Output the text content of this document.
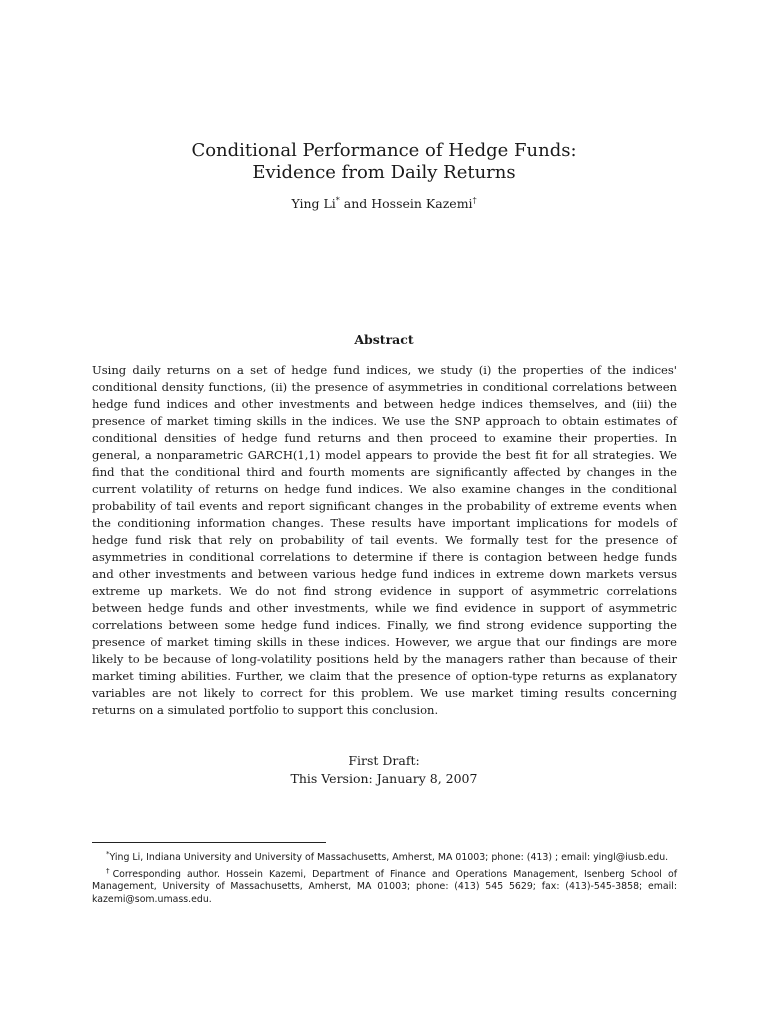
Conditional Performance of Hedge Funds:
Evidence from Daily Returns
Ying Li* and Hossein Kazemi†
Abstract

Using daily returns on a set of hedge fund indices, we study (i) the properties of the indices' conditional density functions, (ii) the presence of asymmetries in conditional correlations between hedge fund indices and other investments and between hedge indices themselves, and (iii) the presence of market timing skills in the indices. We use the SNP approach to obtain estimates of conditional densities of hedge fund returns and then proceed to examine their properties. In general, a nonparametric GARCH(1,1) model appears to provide the best fit for all strategies. We find that the conditional third and fourth moments are significantly affected by changes in the current volatility of returns on hedge fund indices. We also examine changes in the conditional probability of tail events and report significant changes in the probability of extreme events when the conditioning information changes. These results have important implications for models of hedge fund risk that rely on probability of tail events. We formally test for the presence of asymmetries in conditional correlations to determine if there is contagion between hedge funds and other investments and between various hedge fund indices in extreme down markets versus extreme up markets. We do not find strong evidence in support of asymmetric correlations between hedge funds and other investments, while we find evidence in support of asymmetric correlations between some hedge fund indices. Finally, we find strong evidence supporting the presence of market timing skills in these indices. However, we argue that our findings are more likely to be because of long-volatility positions held by the managers rather than because of their market timing abilities. Further, we claim that the presence of option-type returns as explanatory variables are not likely to correct for this problem. We use market timing results concerning returns on a simulated portfolio to support this conclusion.

First Draft:
This Version: January 8, 2007

*Ying Li, Indiana University and University of Massachusetts, Amherst, MA 01003; phone: (413) ; email: yingl@iusb.edu.

†Corresponding author. Hossein Kazemi, Department of Finance and Operations Management, Isenberg School of Management, University of Massachusetts, Amherst, MA 01003; phone: (413) 545 5629; fax: (413)-545-3858; email: kazemi@som.umass.edu.
